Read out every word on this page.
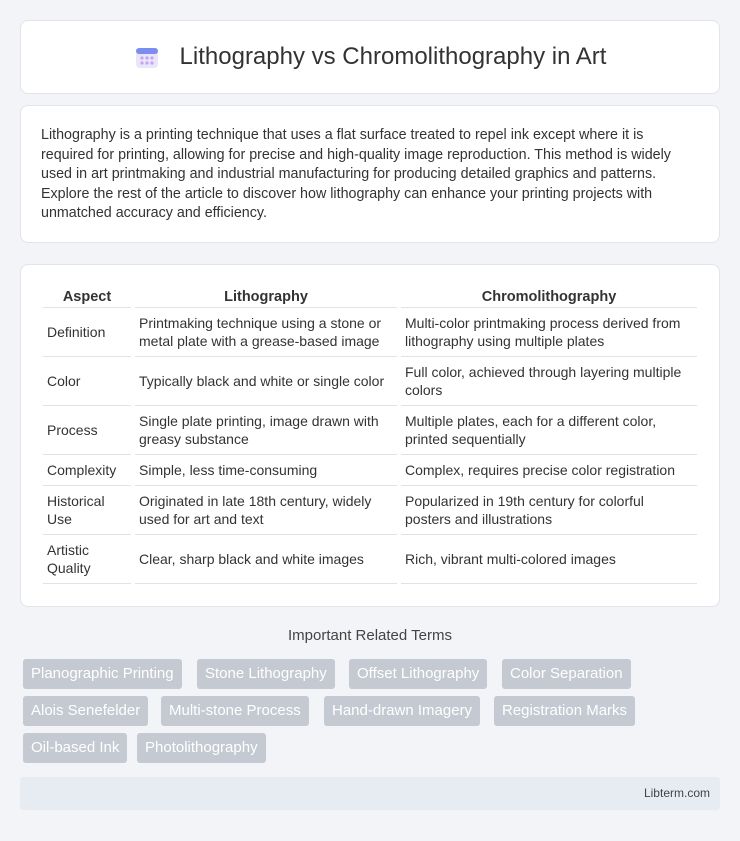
Lithography vs Chromolithography in Art

Lithography is a printing technique that uses a flat surface treated to repel ink except where it is required for printing, allowing for precise and high-quality image reproduction. This method is widely used in art printmaking and industrial manufacturing for producing detailed graphics and patterns. Explore the rest of the article to discover how lithography can enhance your printing projects with unmatched accuracy and efficiency.

Aspect	Lithography	Chromolithography
Definition	Printmaking technique using a stone or metal plate with a grease-based image	Multi-color printmaking process derived from lithography using multiple plates
Color	Typically black and white or single color	Full color, achieved through layering multiple colors
Process	Single plate printing, image drawn with greasy substance	Multiple plates, each for a different color, printed sequentially
Complexity	Simple, less time-consuming	Complex, requires precise color registration
Historical Use	Originated in late 18th century, widely used for art and text	Popularized in 19th century for colorful posters and illustrations
Artistic Quality	Clear, sharp black and white images	Rich, vibrant multi-colored images
Important Related Terms
Planographic Printing	Stone Lithography	Offset Lithography	Color Separation
Alois Senefelder	Multi-stone Process	Hand-drawn Imagery	Registration Marks
Oil-based Ink	Photolithography
Libterm.com
